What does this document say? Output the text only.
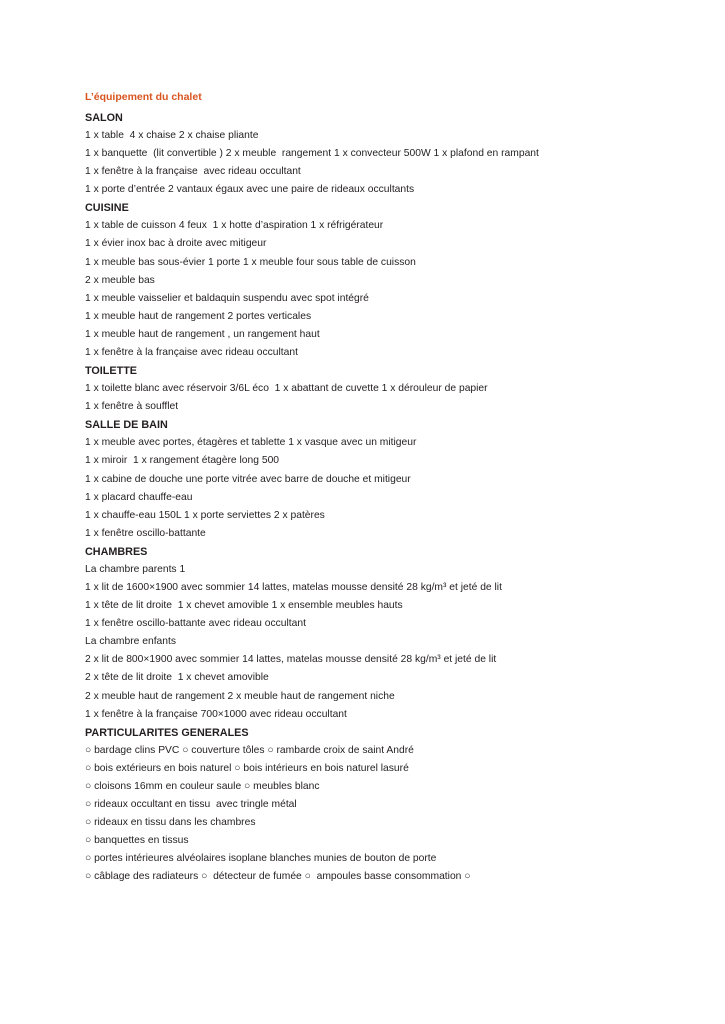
L’équipement du chalet
SALON
1 x table  4 x chaise 2 x chaise pliante
1 x banquette  (lit convertible ) 2 x meuble  rangement 1 x convecteur 500W 1 x plafond en rampant
1 x fenêtre à la française  avec rideau occultant
1 x porte d’entrée 2 vantaux égaux avec une paire de rideaux occultants
CUISINE
1 x table de cuisson 4 feux  1 x hotte d’aspiration 1 x réfrigérateur
1 x évier inox bac à droite avec mitigeur
1 x meuble bas sous-évier 1 porte 1 x meuble four sous table de cuisson
2 x meuble bas
1 x meuble vaisselier et baldaquin suspendu avec spot intégré
1 x meuble haut de rangement 2 portes verticales
1 x meuble haut de rangement , un rangement haut
1 x fenêtre à la française avec rideau occultant
TOILETTE
1 x toilette blanc avec réservoir 3/6L éco  1 x abattant de cuvette 1 x dérouleur de papier
1 x fenêtre à soufflet
SALLE DE BAIN
1 x meuble avec portes, étagères et tablette 1 x vasque avec un mitigeur
1 x miroir  1 x rangement étagère long 500
1 x cabine de douche une porte vitrée avec barre de douche et mitigeur
1 x placard chauffe-eau
1 x chauffe-eau 150L 1 x porte serviettes 2 x patères
1 x fenêtre oscillo-battante
CHAMBRES
La chambre parents 1
1 x lit de 1600×1900 avec sommier 14 lattes, matelas mousse densité 28 kg/m³ et jeté de lit
1 x tête de lit droite  1 x chevet amovible 1 x ensemble meubles hauts
1 x fenêtre oscillo-battante avec rideau occultant
La chambre enfants
2 x lit de 800×1900 avec sommier 14 lattes, matelas mousse densité 28 kg/m³ et jeté de lit
2 x tête de lit droite  1 x chevet amovible
2 x meuble haut de rangement 2 x meuble haut de rangement niche
1 x fenêtre à la française 700×1000 avec rideau occultant
PARTICULARITES GENERALES
○ bardage clins PVC ○ couverture tôles ○ rambarde croix de saint André
○ bois extérieurs en bois naturel ○ bois intérieurs en bois naturel lasuré
○ cloisons 16mm en couleur saule ○ meubles blanc
○ rideaux occultant en tissu  avec tringle métal
○ rideaux en tissu dans les chambres
○ banquettes en tissus
○ portes intérieures alvéolaires isoplane blanches munies de bouton de porte
○ câblage des radiateurs ○  détecteur de fumée ○  ampoules basse consommation ○
